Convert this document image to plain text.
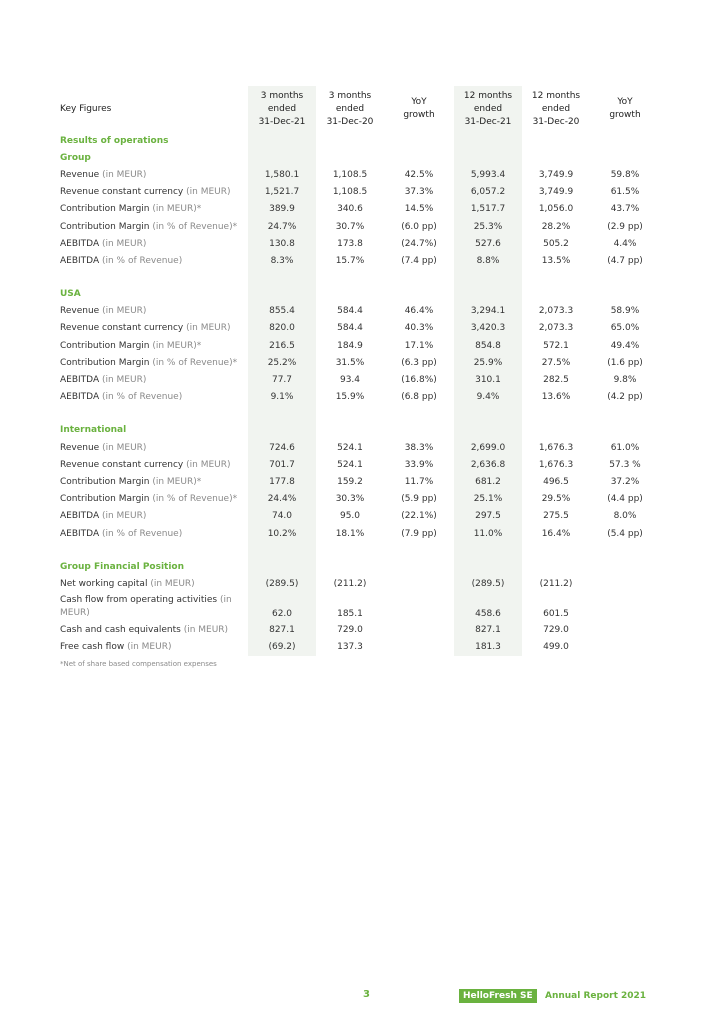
Key Figures	3 months
ended
31-Dec-21	3 months
ended
31-Dec-20	YoY
growth	12 months
ended
31-Dec-21	12 months
ended
31-Dec-20	YoY
growth
Results of operations						
Group						
Revenue (in MEUR)	1,580.1	1,108.5	42.5%	5,993.4	3,749.9	59.8%
Revenue constant currency (in MEUR)	1,521.7	1,108.5	37.3%	6,057.2	3,749.9	61.5%
Contribution Margin (in MEUR)*	389.9	340.6	14.5%	1,517.7	1,056.0	43.7%
Contribution Margin (in % of Revenue)*	24.7%	30.7%	(6.0 pp)	25.3%	28.2%	(2.9 pp)
AEBITDA (in MEUR)	130.8	173.8	(24.7%)	527.6	505.2	4.4%
AEBITDA (in % of Revenue)	8.3%	15.7%	(7.4 pp)	8.8%	13.5%	(4.7 pp)

USA						
Revenue (in MEUR)	855.4	584.4	46.4%	3,294.1	2,073.3	58.9%
Revenue constant currency (in MEUR)	820.0	584.4	40.3%	3,420.3	2,073.3	65.0%
Contribution Margin (in MEUR)*	216.5	184.9	17.1%	854.8	572.1	49.4%
Contribution Margin (in % of Revenue)*	25.2%	31.5%	(6.3 pp)	25.9%	27.5%	(1.6 pp)
AEBITDA (in MEUR)	77.7	93.4	(16.8%)	310.1	282.5	9.8%
AEBITDA (in % of Revenue)	9.1%	15.9%	(6.8 pp)	9.4%	13.6%	(4.2 pp)

International						
Revenue (in MEUR)	724.6	524.1	38.3%	2,699.0	1,676.3	61.0%
Revenue constant currency (in MEUR)	701.7	524.1	33.9%	2,636.8	1,676.3	57.3 %
Contribution Margin (in MEUR)*	177.8	159.2	11.7%	681.2	496.5	37.2%
Contribution Margin (in % of Revenue)*	24.4%	30.3%	(5.9 pp)	25.1%	29.5%	(4.4 pp)
AEBITDA (in MEUR)	74.0	95.0	(22.1%)	297.5	275.5	8.0%
AEBITDA (in % of Revenue)	10.2%	18.1%	(7.9 pp)	11.0%	16.4%	(5.4 pp)

Group Financial Position						
Net working capital (in MEUR)	(289.5)	(211.2)		(289.5)	(211.2)	
Cash flow from operating activities (in MEUR)	62.0	185.1		458.6	601.5	
Cash and cash equivalents (in MEUR)	827.1	729.0		827.1	729.0	
Free cash flow (in MEUR)	(69.2)	137.3		181.3	499.0	
*Net of share based compensation expenses						
3	HelloFresh SE	Annual Report 2021
